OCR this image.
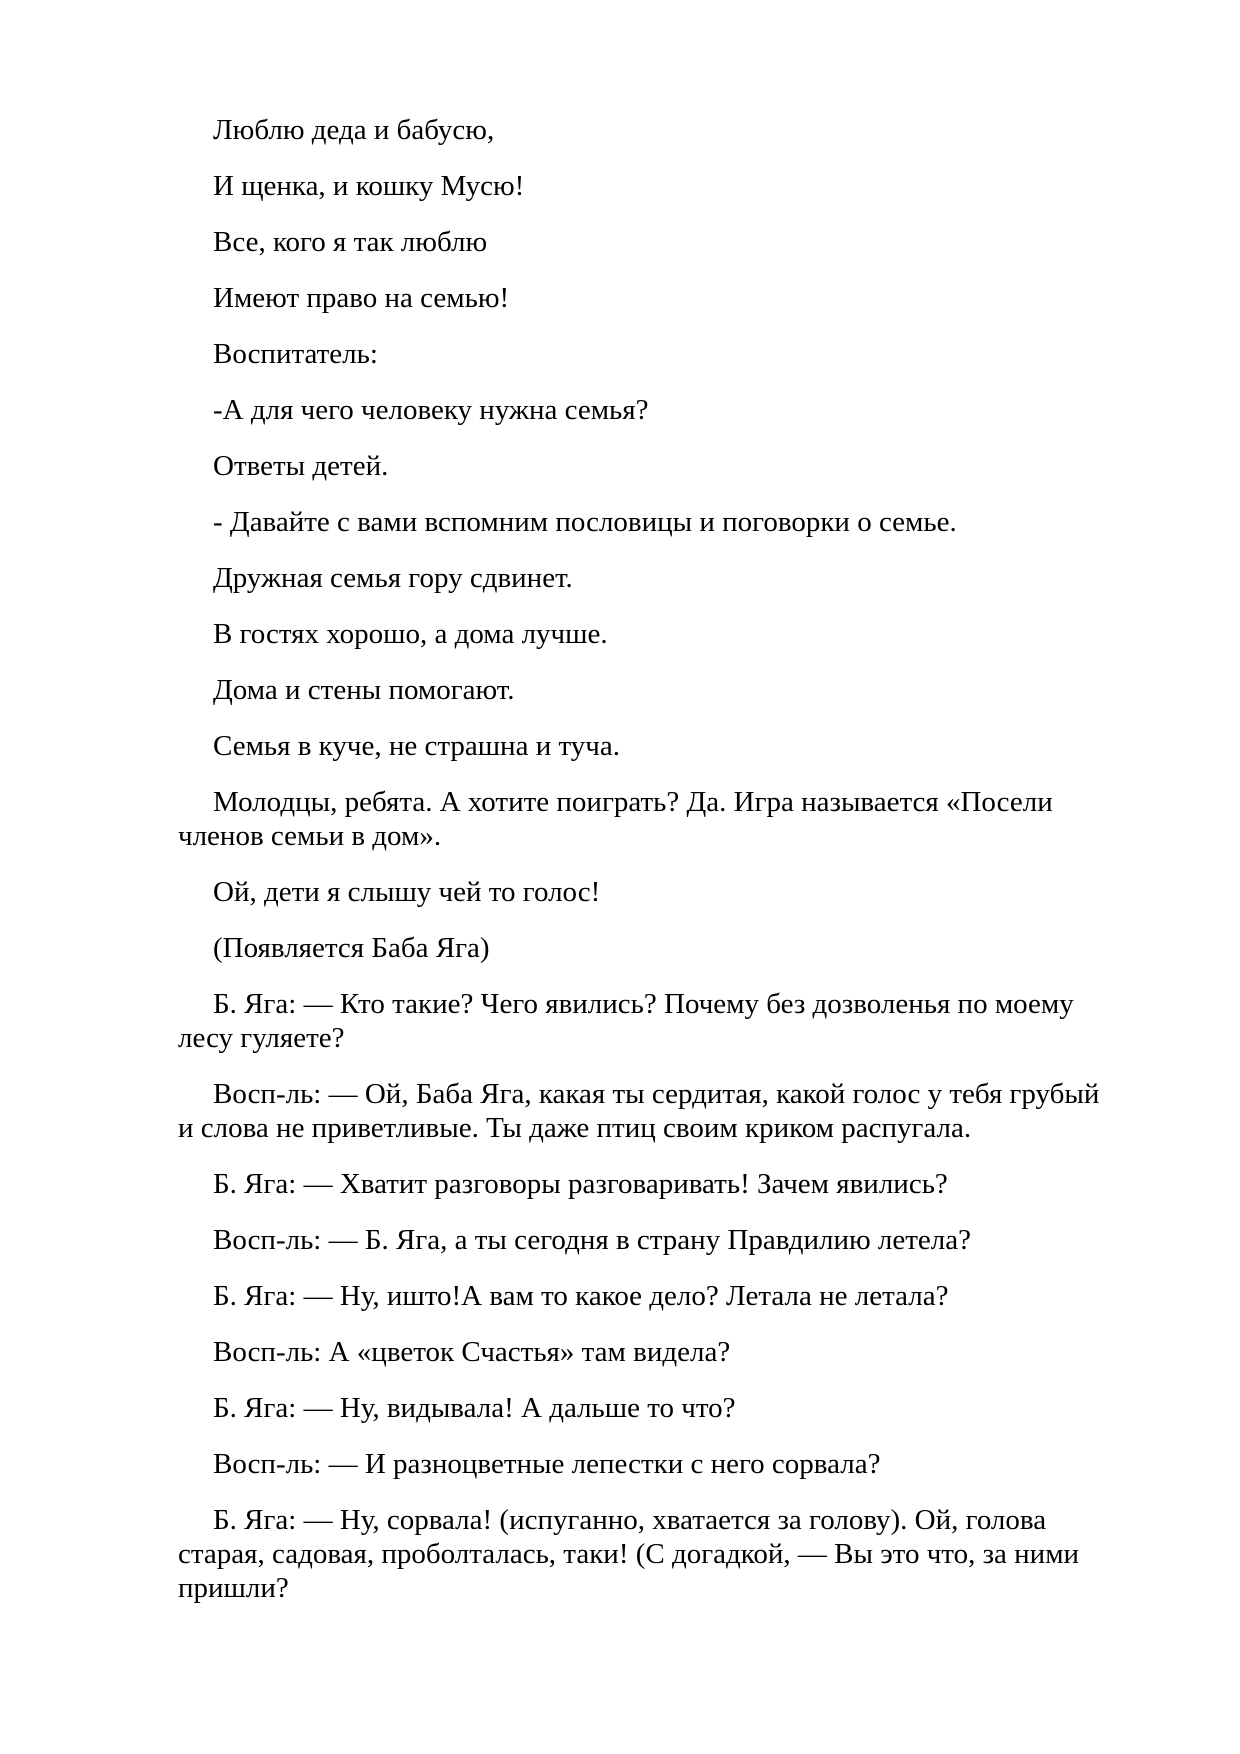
Люблю деда и бабусю,

И щенка, и кошку Мусю!

Все, кого я так люблю

Имеют право на семью!

Воспитатель:

-А для чего человеку нужна семья?

Ответы детей.

- Давайте с вами вспомним пословицы и поговорки о семье.

Дружная семья гору сдвинет.

В гостях хорошо, а дома лучше.

Дома и стены помогают.

Семья в куче, не страшна и туча.

Молодцы, ребята. А хотите поиграть? Да. Игра называется «Посели членов семьи в дом».

Ой, дети я слышу чей то голос!

(Появляется Баба Яга)

Б. Яга: — Кто такие? Чего явились? Почему без дозволенья по моему лесу гуляете?

Восп-ль: — Ой, Баба Яга, какая ты сердитая, какой голос у тебя грубый и слова не приветливые. Ты даже птиц своим криком распугала.

Б. Яга: — Хватит разговоры разговаривать! Зачем явились?

Восп-ль: — Б. Яга, а ты сегодня в страну Правдилию летела?

Б. Яга: — Ну, ишто!А вам то какое дело? Летала не летала?

Восп-ль: А «цветок Счастья» там видела?

Б. Яга: — Ну, видывала! А дальше то что?

Восп-ль: — И разноцветные лепестки с него сорвала?

Б. Яга: — Ну, сорвала! (испуганно, хватается за голову). Ой, голова старая, садовая, проболталась, таки! (С догадкой, — Вы это что, за ними пришли?
